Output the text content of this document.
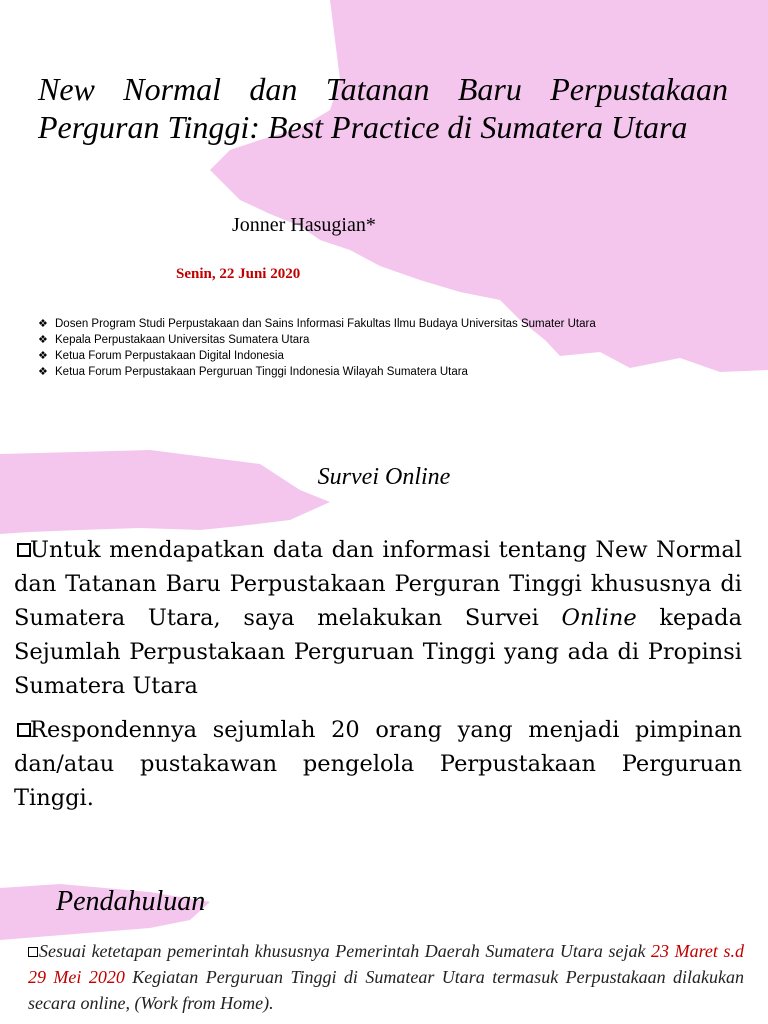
New Normal dan Tatanan Baru Perpustakaan Perguran Tinggi: Best Practice di Sumatera Utara

Jonner Hasugian*

Senin, 22 Juni 2020

❖ Dosen Program Studi Perpustakaan dan Sains Informasi Fakultas Ilmu Budaya Universitas Sumater Utara
❖ Kepala Perpustakaan Universitas Sumatera Utara
❖ Ketua Forum Perpustakaan Digital Indonesia
❖ Ketua Forum Perpustakaan Perguruan Tinggi Indonesia Wilayah Sumatera Utara
Survei Online

Untuk mendapatkan data dan informasi tentang New Normal dan Tatanan Baru Perpustakaan Perguran Tinggi khususnya di Sumatera Utara, saya melakukan Survei Online kepada Sejumlah Perpustakaan Perguruan Tinggi yang ada di Propinsi Sumatera Utara

Respondennya sejumlah 20 orang yang menjadi pimpinan dan/atau pustakawan pengelola Perpustakaan Perguruan Tinggi.

Pendahuluan

Sesuai ketetapan pemerintah khususnya Pemerintah Daerah Sumatera Utara sejak 23 Maret s.d 29 Mei 2020 Kegiatan Perguruan Tinggi di Sumatear Utara termasuk Perpustakaan dilakukan secara online, (Work from Home).
